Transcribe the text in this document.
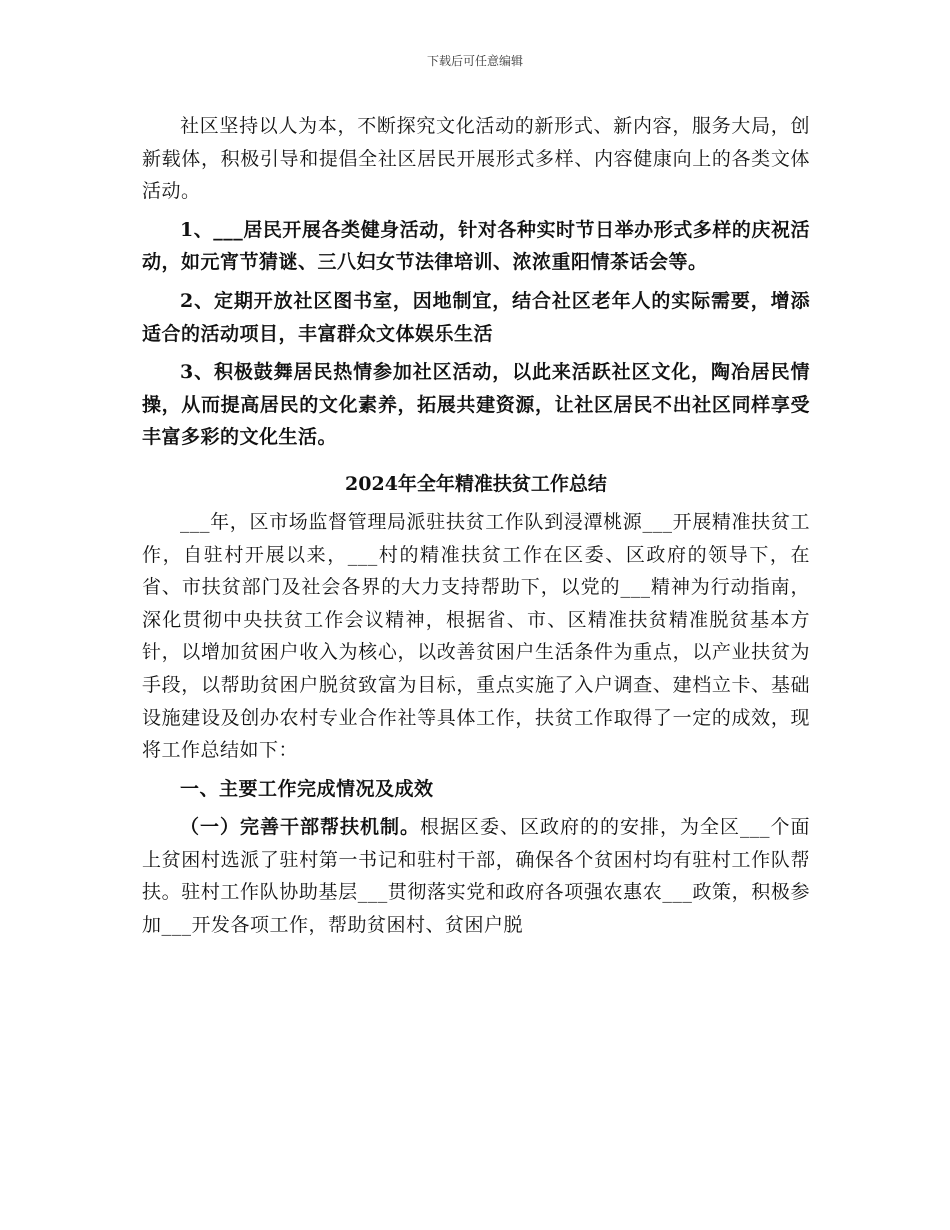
下载后可任意编辑

社区坚持以人为本，不断探究文化活动的新形式、新内容，服务大局，创新载体，积极引导和提倡全社区居民开展形式多样、内容健康向上的各类文体活动。

1、___居民开展各类健身活动，针对各种实时节日举办形式多样的庆祝活动，如元宵节猜谜、三八妇女节法律培训、浓浓重阳情茶话会等。

2、定期开放社区图书室，因地制宜，结合社区老年人的实际需要，增添适合的活动项目，丰富群众文体娱乐生活

3、积极鼓舞居民热情参加社区活动，以此来活跃社区文化，陶冶居民情操，从而提高居民的文化素养，拓展共建资源，让社区居民不出社区同样享受丰富多彩的文化生活。

2024年全年精准扶贫工作总结

___年，区市场监督管理局派驻扶贫工作队到浸潭桃源___开展精准扶贫工作，自驻村开展以来，___村的精准扶贫工作在区委、区政府的领导下，在省、市扶贫部门及社会各界的大力支持帮助下，以党的___精神为行动指南，深化贯彻中央扶贫工作会议精神，根据省、市、区精准扶贫精准脱贫基本方针，以增加贫困户收入为核心，以改善贫困户生活条件为重点，以产业扶贫为手段，以帮助贫困户脱贫致富为目标，重点实施了入户调查、建档立卡、基础设施建设及创办农村专业合作社等具体工作，扶贫工作取得了一定的成效，现将工作总结如下：

一、主要工作完成情况及成效

（一）完善干部帮扶机制。根据区委、区政府的的安排，为全区___个面上贫困村选派了驻村第一书记和驻村干部，确保各个贫困村均有驻村工作队帮扶。驻村工作队协助基层___贯彻落实党和政府各项强农惠农___政策，积极参加___开发各项工作，帮助贫困村、贫困户脱
